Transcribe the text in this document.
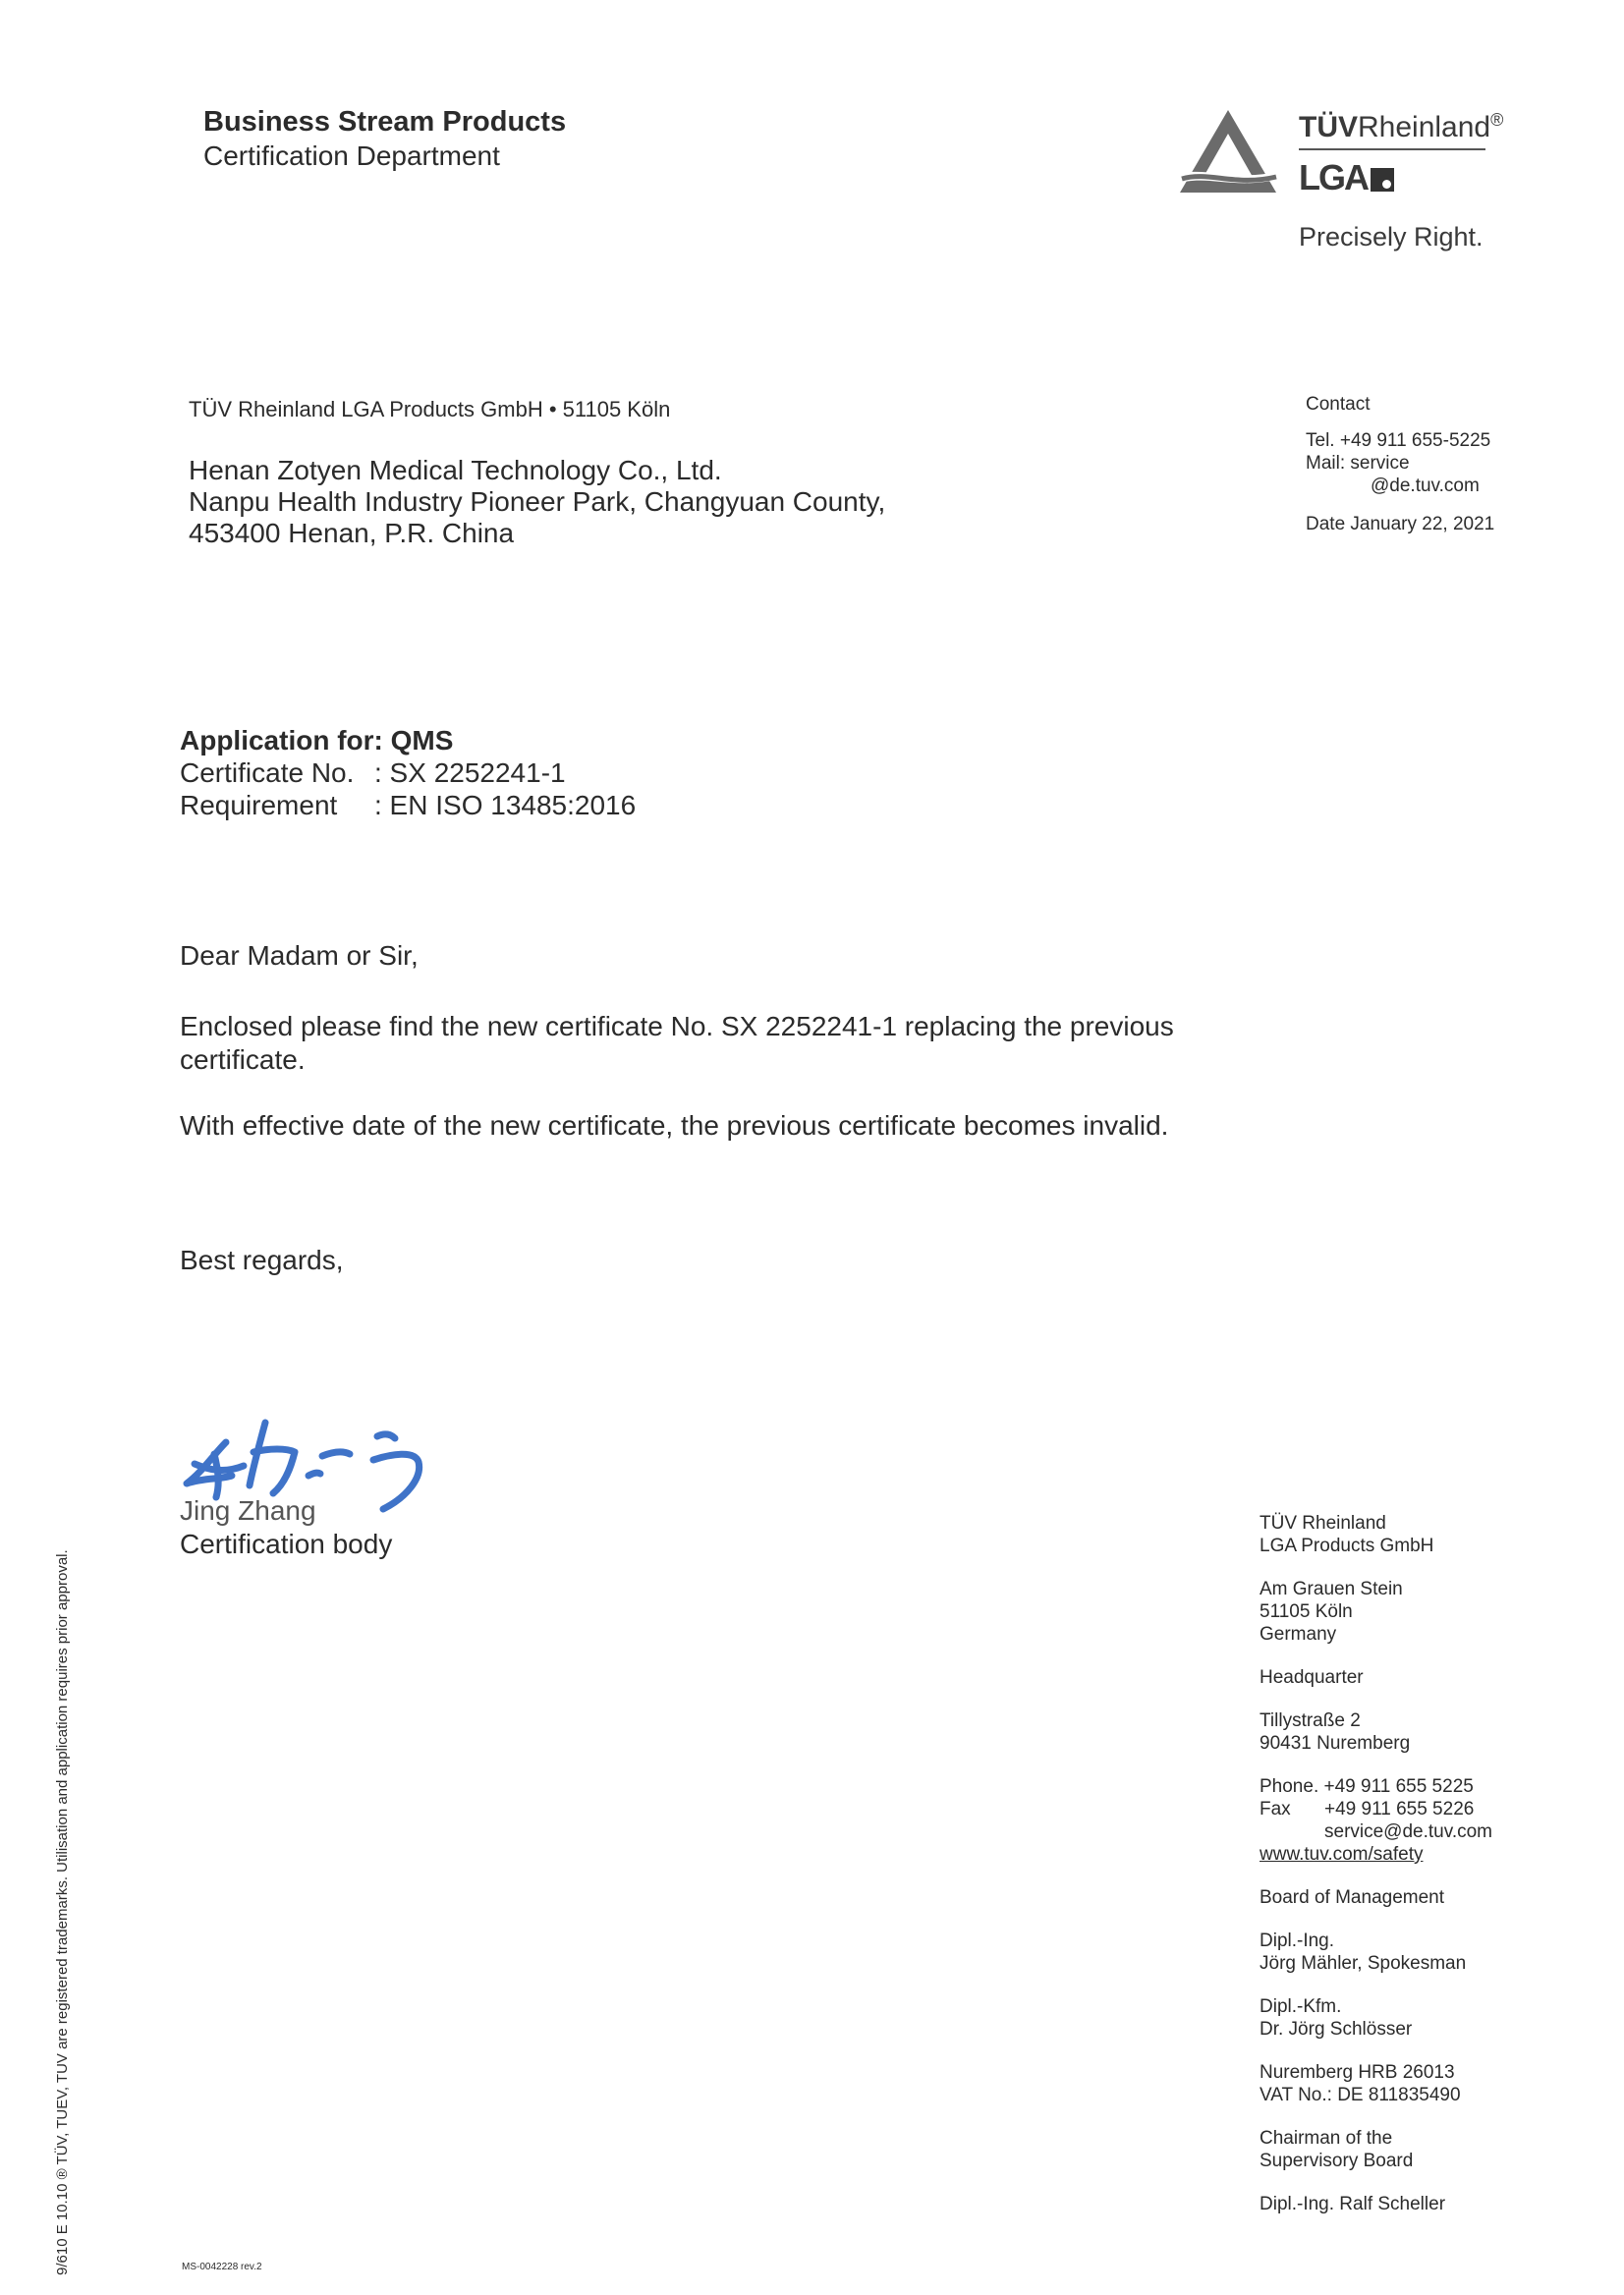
Business Stream Products
Certification Department
TÜVRheinland®
LGA
Precisely Right.
TÜV Rheinland LGA Products GmbH • 51105 Köln
Henan Zotyen Medical Technology Co., Ltd.
Nanpu Health Industry Pioneer Park, Changyuan County,
453400 Henan, P.R. China
Contact
Tel. +49 911 655-5225
Mail: service
@de.tuv.com
Date January 22, 2021
Application for: QMS
Certificate No. : SX 2252241-1
Requirement : EN ISO 13485:2016
Dear Madam or Sir,
Enclosed please find the new certificate No. SX 2252241-1 replacing the previous certificate.
With effective date of the new certificate, the previous certificate becomes invalid.
Best regards,
Jing Zhang
Certification body
TÜV Rheinland
LGA Products GmbH
Am Grauen Stein
51105 Köln
Germany
Headquarter
Tillystraße 2
90431 Nuremberg
Phone. +49 911 655 5225
Fax +49 911 655 5226
service@de.tuv.com
www.tuv.com/safety
Board of Management
Dipl.-Ing.
Jörg Mähler, Spokesman
Dipl.-Kfm.
Dr. Jörg Schlösser
Nuremberg HRB 26013
VAT No.: DE 811835490
Chairman of the
Supervisory Board
Dipl.-Ing. Ralf Scheller
9/610 E 10.10 ® TÜV, TUEV, TUV are registered trademarks. Utilisation and application requires prior approval.	MS-0042228 rev.2
